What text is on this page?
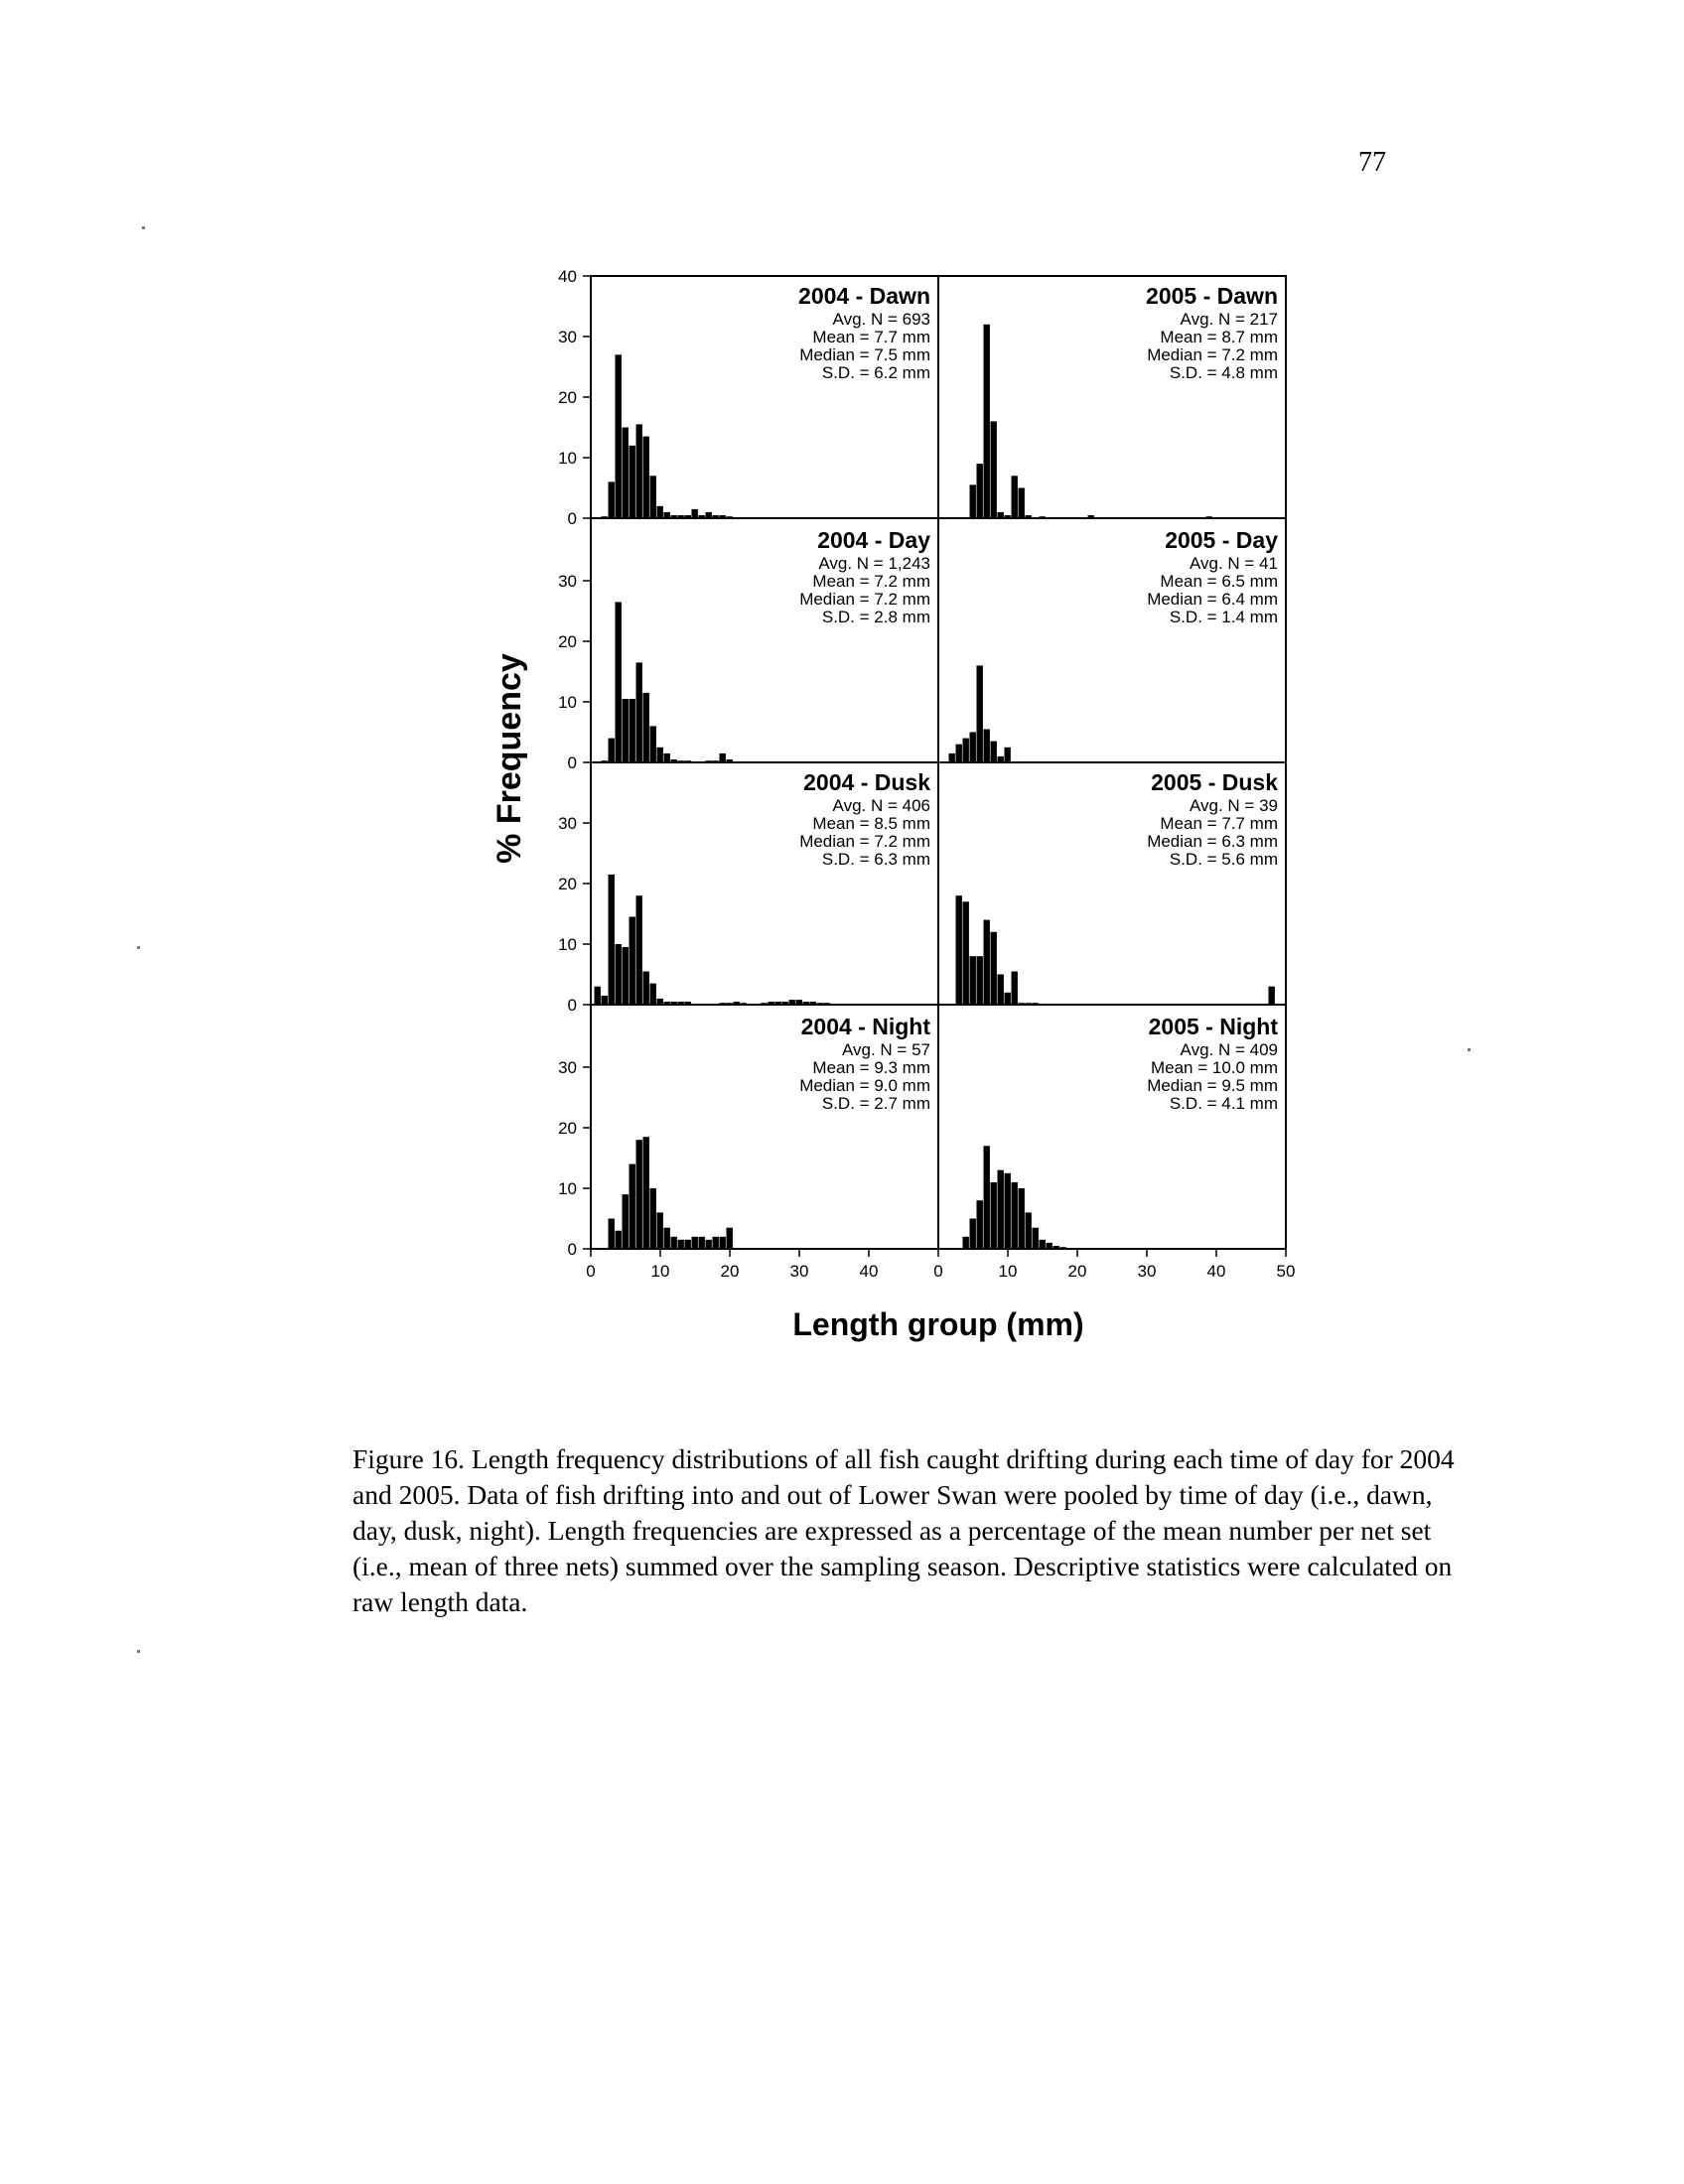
77
0
10
20
30
40
0
10
20
30
0
10
20
30
0
10
20
30
0	10	20	30	40	0	10	20	30	40	50
2004 - Dawn
Avg. N = 693
Mean = 7.7 mm
Median = 7.5 mm
S.D. = 6.2 mm
2005 - Dawn
Avg. N = 217
Mean = 8.7 mm
Median = 7.2 mm
S.D. = 4.8 mm
2004 - Day
Avg. N = 1,243
Mean = 7.2 mm
Median = 7.2 mm
S.D. = 2.8 mm
2005 - Day
Avg. N = 41
Mean = 6.5 mm
Median = 6.4 mm
S.D. = 1.4 mm
2004 - Dusk
Avg. N = 406
Mean = 8.5 mm
Median = 7.2 mm
S.D. = 6.3 mm
2005 - Dusk
Avg. N = 39
Mean = 7.7 mm
Median = 6.3 mm
S.D. = 5.6 mm
2004 - Night
Avg. N = 57
Mean = 9.3 mm
Median = 9.0 mm
S.D. = 2.7 mm
2005 - Night
Avg. N = 409
Mean = 10.0 mm
Median = 9.5 mm
S.D. = 4.1 mm
Length group (mm)
% Frequency
Figure 16. Length frequency distributions of all fish caught drifting during each time of day for 2004 and 2005. Data of fish drifting into and out of Lower Swan were pooled by time of day (i.e., dawn, day, dusk, night). Length frequencies are expressed as a percentage of the mean number per net set (i.e., mean of three nets) summed over the sampling season. Descriptive statistics were calculated on raw length data.
